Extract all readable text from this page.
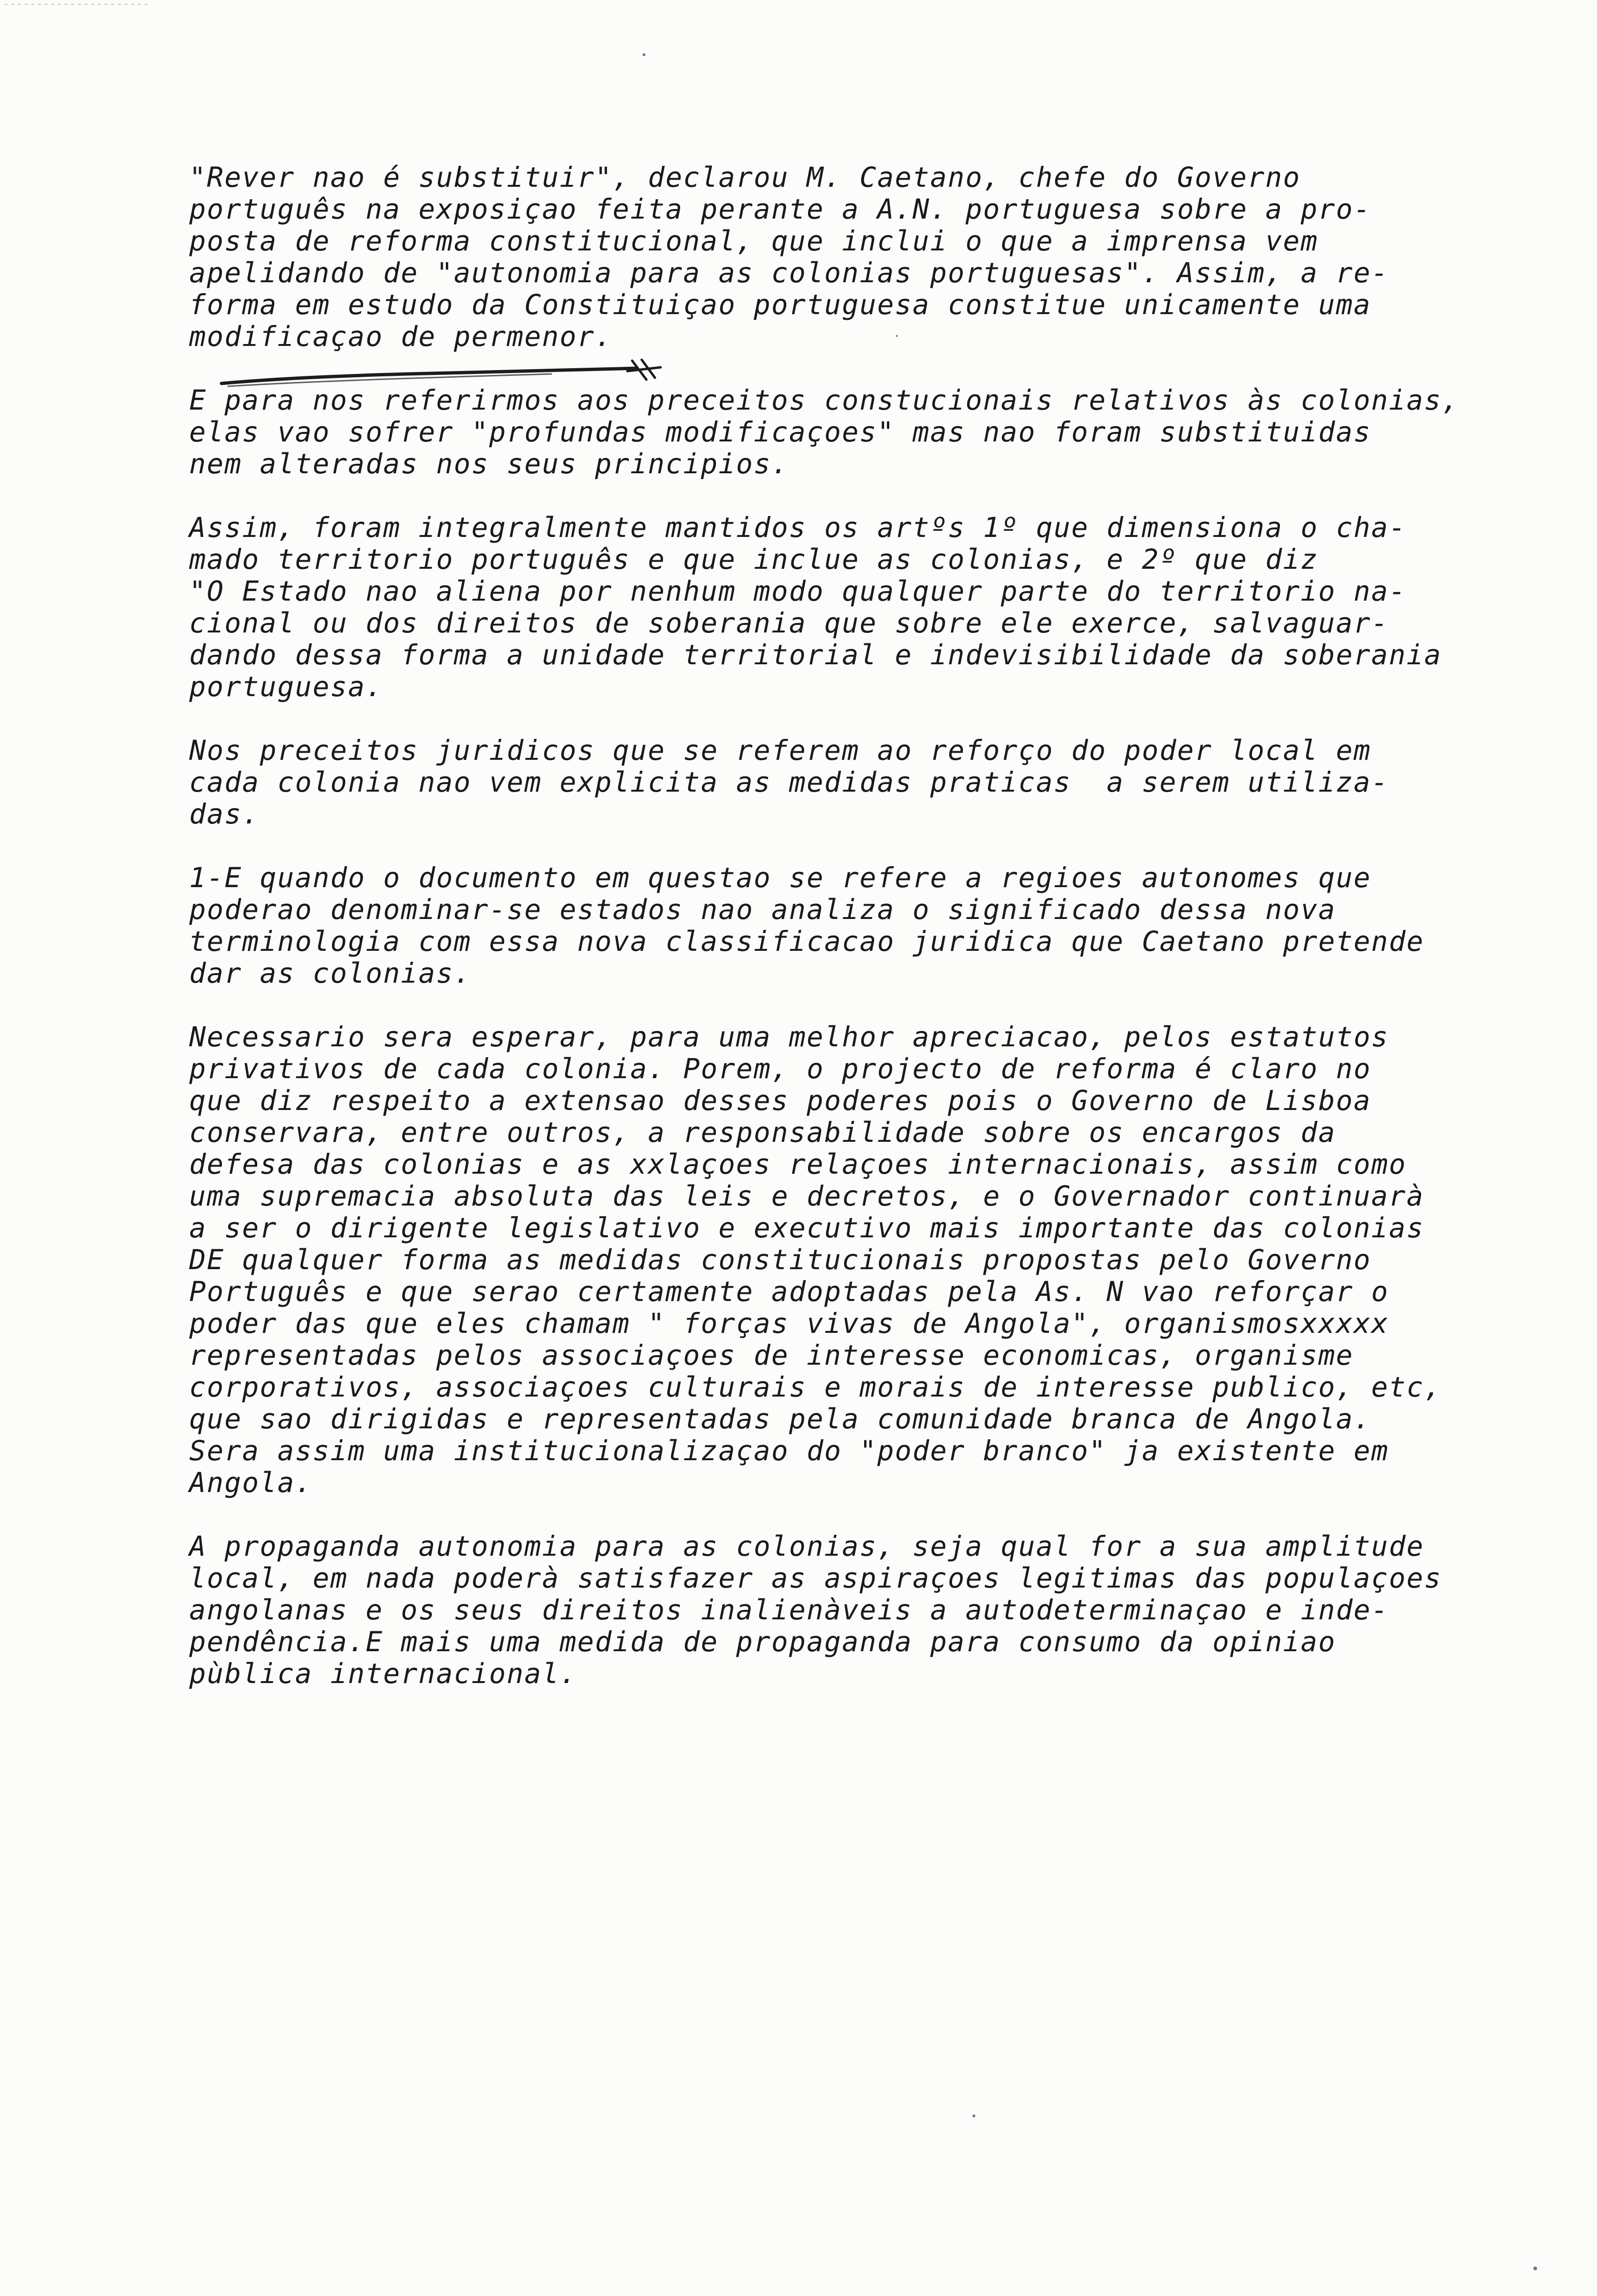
"Rever nao é substituir", declarou M. Caetano, chefe do Governo
português na exposiçao feita perante a A.N. portuguesa sobre a pro-
posta de reforma constitucional, que inclui o que a imprensa vem
apelidando de "autonomia para as colonias portuguesas". Assim, a re-
forma em estudo da Constituiçao portuguesa constitue unicamente uma
modificaçao de permenor.
E para nos referirmos aos preceitos constucionais relativos às colonias,
elas vao sofrer "profundas modificaçoes" mas nao foram substituidas
nem alteradas nos seus principios.
Assim, foram integralmente mantidos os artºs 1º que dimensiona o cha-
mado territorio português e que inclue as colonias, e 2º que diz
"O Estado nao aliena por nenhum modo qualquer parte do territorio na-
cional ou dos direitos de soberania que sobre ele exerce, salvaguar-
dando dessa forma a unidade territorial e indevisibilidade da soberania
portuguesa.
Nos preceitos juridicos que se referem ao reforço do poder local em
cada colonia nao vem explicita as medidas praticas  a serem utiliza-
das.
1-E quando o documento em questao se refere a regioes autonomes que
poderao denominar-se estados nao analiza o significado dessa nova
terminologia com essa nova classificacao juridica que Caetano pretende
dar as colonias.
Necessario sera esperar, para uma melhor apreciacao, pelos estatutos
privativos de cada colonia. Porem, o projecto de reforma é claro no
que diz respeito a extensao desses poderes pois o Governo de Lisboa
conservara, entre outros, a responsabilidade sobre os encargos da
defesa das colonias e as xxlaçoes relaçoes internacionais, assim como
uma supremacia absoluta das leis e decretos, e o Governador continuarà
a ser o dirigente legislativo e executivo mais importante das colonias
DE qualquer forma as medidas constitucionais propostas pelo Governo
Português e que serao certamente adoptadas pela As. N vao reforçar o
poder das que eles chamam " forças vivas de Angola", organismosxxxxx
representadas pelos associaçoes de interesse economicas, organisme
corporativos, associaçoes culturais e morais de interesse publico, etc,
que sao dirigidas e representadas pela comunidade branca de Angola.
Sera assim uma institucionalizaçao do "poder branco" ja existente em
Angola.
A propaganda autonomia para as colonias, seja qual for a sua amplitude
local, em nada poderà satisfazer as aspiraçoes legitimas das populaçoes
angolanas e os seus direitos inalienàveis a autodeterminaçao e inde-
pendência.E mais uma medida de propaganda para consumo da opiniao
pùblica internacional.
